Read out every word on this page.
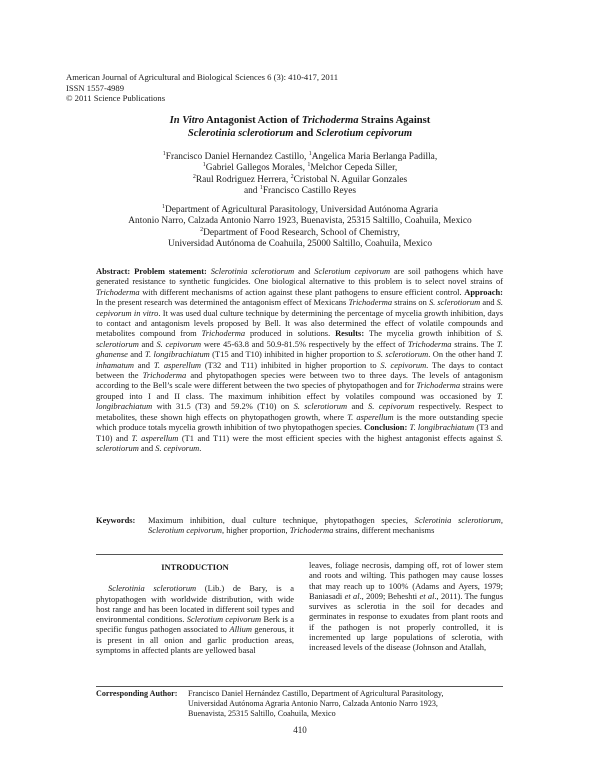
American Journal of Agricultural and Biological Sciences 6 (3): 410-417, 2011
ISSN 1557-4989
© 2011 Science Publications
In Vitro Antagonist Action of Trichoderma Strains Against
Sclerotinia sclerotiorum and Sclerotium cepivorum
$^1$Francisco Daniel Hernandez Castillo, $^1$Angelica Maria Berlanga Padilla,
$^1$Gabriel Gallegos Morales, $^1$Melchor Cepeda Siller,
$^2$Raul Rodriguez Herrera, $^2$Cristobal N. Aguilar Gonzales
and $^1$Francisco Castillo Reyes
$^1$Department of Agricultural Parasitology, Universidad Autónoma Agraria
Antonio Narro, Calzada Antonio Narro 1923, Buenavista, 25315 Saltillo, Coahuila, Mexico
$^2$Department of Food Research, School of Chemistry,
Universidad Autónoma de Coahuila, 25000 Saltillo, Coahuila, Mexico

Abstract: Problem statement: Sclerotinia sclerotiorum and Sclerotium cepivorum are soil pathogens which have generated resistance to synthetic fungicides. One biological alternative to this problem is to select novel strains of Trichoderma with different mechanisms of action against these plant pathogens to ensure efficient control. Approach: In the present research was determined the antagonism effect of Mexicans Trichoderma strains on S. sclerotiorum and S. cepivorum in vitro. It was used dual culture technique by determining the percentage of mycelia growth inhibition, days to contact and antagonism levels proposed by Bell. It was also determined the effect of volatile compounds and metabolites compound from Trichoderma produced in solutions. Results: The mycelia growth inhibition of S. sclerotiorum and S. cepivorum were 45-63.8 and 50.9-81.5% respectively by the effect of Trichoderma strains. The T. ghanense and T. longibrachiatum (T15 and T10) inhibited in higher proportion to S. sclerotiorum. On the other hand T. inhamatum and T. asperellum (T32 and T11) inhibited in higher proportion to S. cepivorum. The days to contact between the Trichoderma and phytopathogen species were between two to three days. The levels of antagonism according to the Bell’s scale were different between the two species of phytopathogen and for Trichoderma strains were grouped into I and II class. The maximum inhibition effect by volatiles compound was occasioned by T. longibrachiatum with 31.5 (T3) and 59.2% (T10) on S. sclerotiorum and S. cepivorum respectively. Respect to metabolites, these shown high effects on phytopathogen growth, where T. asperellum is the more outstanding specie which produce totals mycelia growth inhibition of two phytopathogen species. Conclusion: T. longibrachiatum (T3 and T10) and T. asperellum (T1 and T11) were the most efficient species with the highest antagonist effects against S. sclerotiorum and S. cepivorum.

Keywords: Maximum inhibition, dual culture technique, phytopathogen species, Sclerotinia sclerotiorum, Sclerotium cepivorum, higher proportion, Trichoderma strains, different mechanisms
INTRODUCTION

Sclerotinia sclerotiorum (Lib.) de Bary, is a phytopathogen with worldwide distribution, with wide host range and has been located in different soil types and environmental conditions. Sclerotium cepivorum Berk is a specific fungus pathogen associated to Allium generous, it is present in all onion and garlic production areas, symptoms in affected plants are yellowed basal

leaves, foliage necrosis, damping off, rot of lower stem and roots and wilting. This pathogen may cause losses that may reach up to 100% (Adams and Ayers, 1979; Baniasadi et al., 2009; Beheshti et al., 2011). The fungus survives as sclerotia in the soil for decades and germinates in response to exudates from plant roots and if the pathogen is not properly controlled, it is incremented up large populations of sclerotia, with increased levels of the disease (Johnson and Atallah,

Corresponding Author: Francisco Daniel Hernández Castillo, Department of Agricultural Parasitology,
Universidad Autónoma Agraria Antonio Narro, Calzada Antonio Narro 1923,
Buenavista, 25315 Saltillo, Coahuila, Mexico
410
